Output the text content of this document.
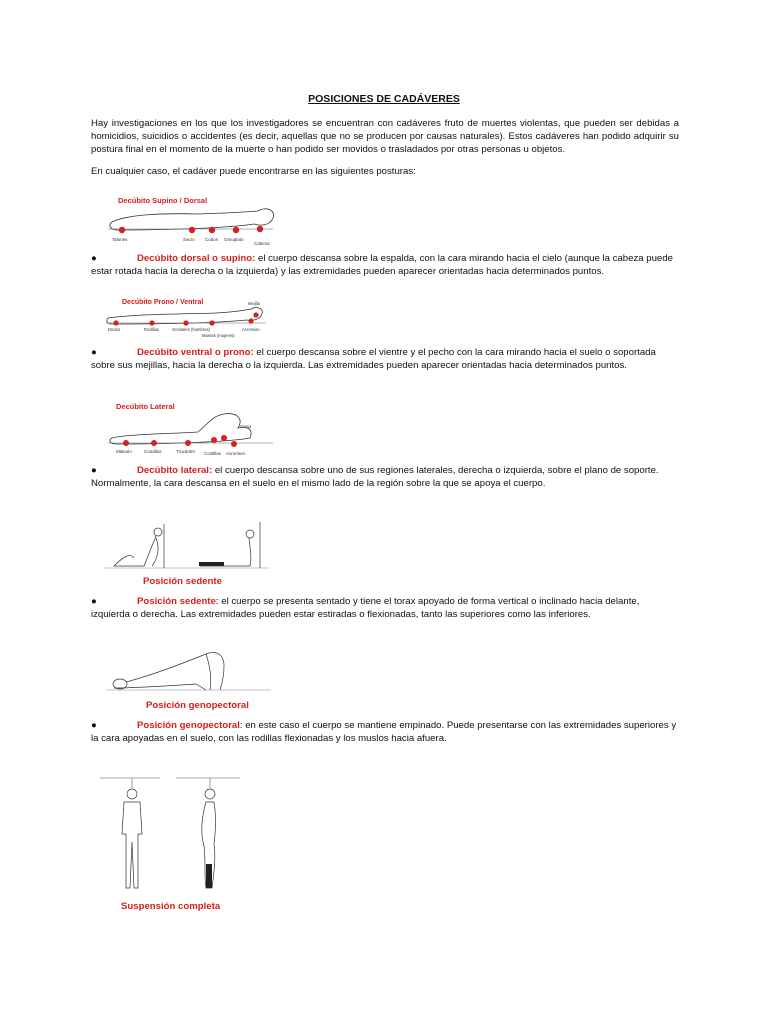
POSICIONES DE CADÁVERES
Hay investigaciones en los que los investigadores se encuentran con cadáveres fruto de muertes violentas, que pueden ser debidas a homicidios, suicidios o accidentes (es decir, aquellas que no se producen por causas naturales). Estos cadáveres han podido adquirir su postura final en el momento de la muerte o han podido ser movidos o trasladados por otras personas u objetos.
En cualquier caso, el cadáver puede encontrarse en las siguientes posturas:
Decúbito Supino / Dorsal
Talones	Sacro Codos Omoplato
Cabeza
●	Decúbito dorsal o supino: el cuerpo descansa sobre la espalda, con la cara mirando hacia el cielo (aunque la cabeza puede estar rotada hacia la derecha o la izquierda) y las extremidades pueden aparecer orientadas hacia determinados puntos.
Decúbito Prono / Ventral
Dedos	Rodillas	Genitales (hombres)
Mamas (mujeres)
Mejilla
Acromion
●	Decúbito ventral o prono: el cuerpo descansa sobre el vientre y el pecho con la cara mirando hacia el suelo o soportada sobre sus mejillas, hacia la derecha o la izquierda. Las extremidades pueden aparecer orientadas hacia determinados puntos.
Decúbito Lateral
Maleolo	Cóndilos	Trocánter Costillas Acromion
Oreja
●	Decúbito lateral: el cuerpo descansa sobre uno de sus regiones laterales, derecha o izquierda, sobre el plano de soporte. Normalmente, la cara descansa en el suelo en el mismo lado de la región sobre la que se apoya el cuerpo.
Posición sedente
●	Posición sedente: el cuerpo se presenta sentado y tiene el torax apoyado de forma vertical o inclinado hacia delante, izquierda o derecha. Las extremidades pueden estar estiradas o flexionadas, tanto las superiores como las inferiores.
Posición genopectoral
●	Posición genopectoral: en este caso el cuerpo se mantiene empinado. Puede presentarse con las extremidades superiores y la cara apoyadas en el suelo, con las rodillas flexionadas y los muslos hacia afuera.
Suspensión completa
